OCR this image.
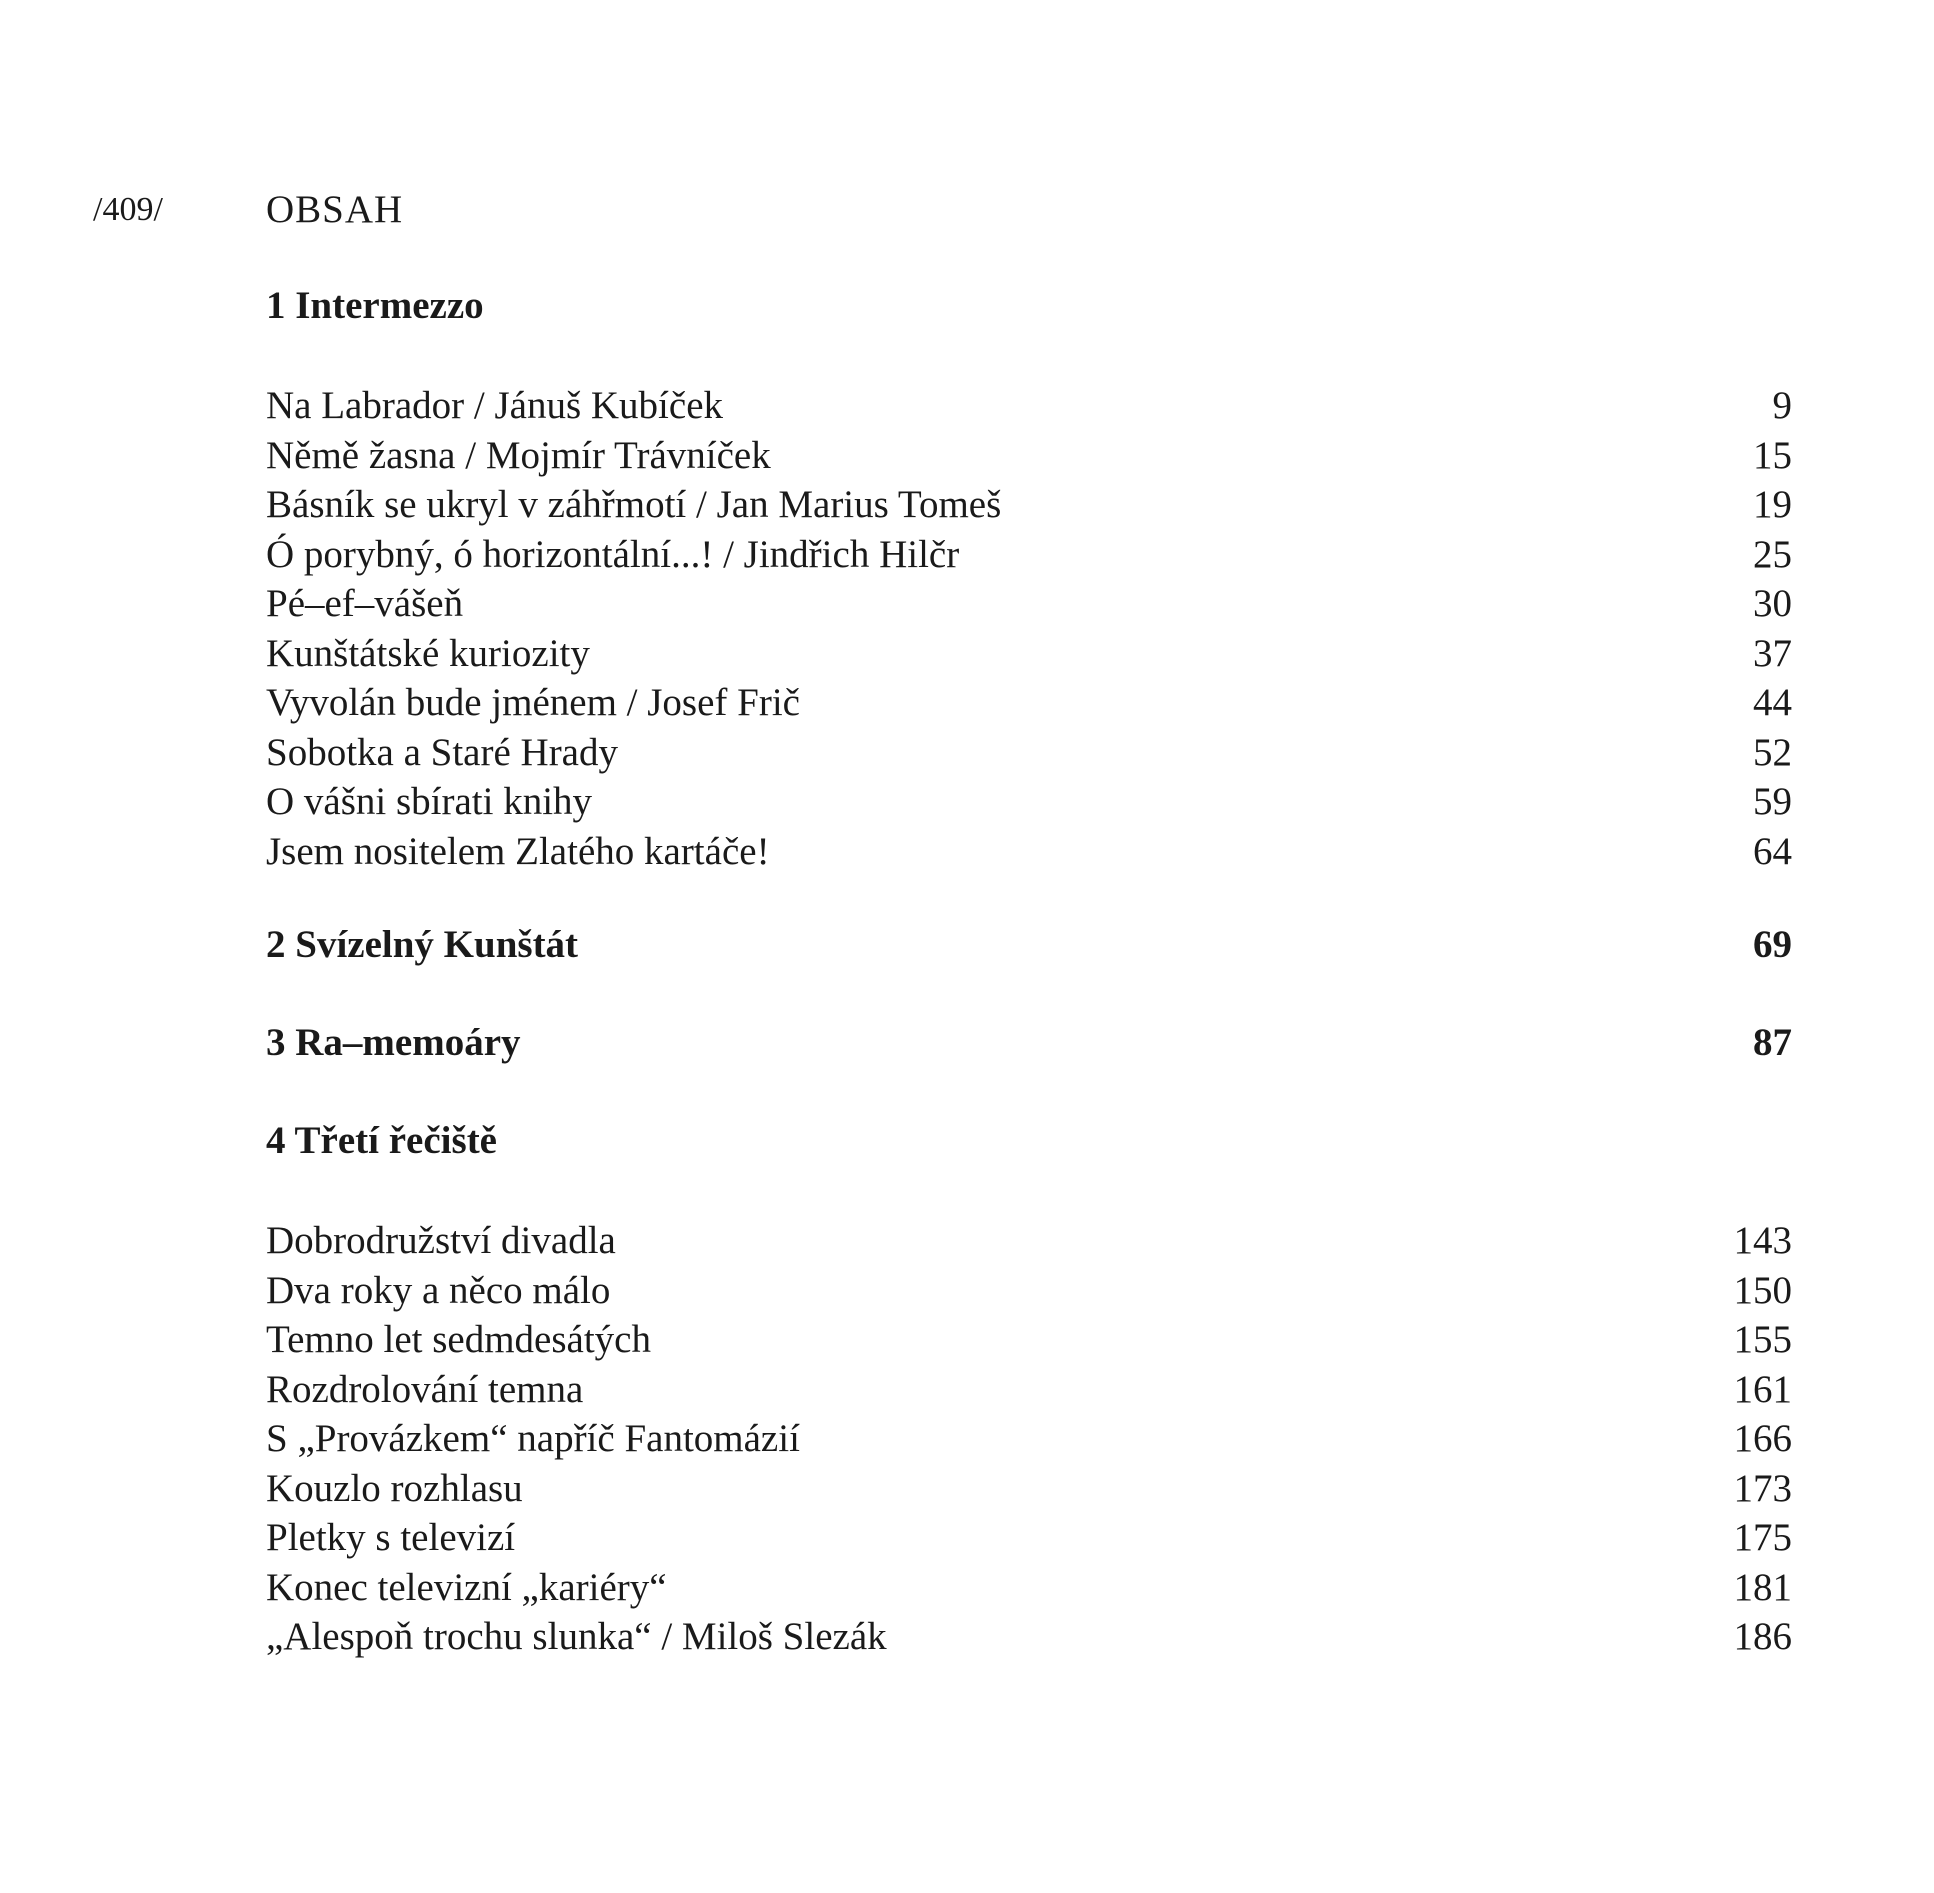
/409/	OBSAH
1 Intermezzo
Na Labrador / Jánuš Kubíček	9
Němě žasna / Mojmír Trávníček	15
Básník se ukryl v záhřmotí / Jan Marius Tomeš	19
Ó porybný, ó horizontální...! / Jindřich Hilčr	25
Pé–ef–vášeň	30
Kunštátské kuriozity	37
Vyvolán bude jménem / Josef Frič	44
Sobotka a Staré Hrady	52
O vášni sbírati knihy	59
Jsem nositelem Zlatého kartáče!	64
2 Svízelný Kunštát	69
3 Ra–memoáry	87
4 Třetí řečiště
Dobrodružství divadla	143
Dva roky a něco málo	150
Temno let sedmdesátých	155
Rozdrolování temna	161
S „Provázkem“ napříč Fantomázií	166
Kouzlo rozhlasu	173
Pletky s televizí	175
Konec televizní „kariéry“	181
„Alespoň trochu slunka“ / Miloš Slezák	186
